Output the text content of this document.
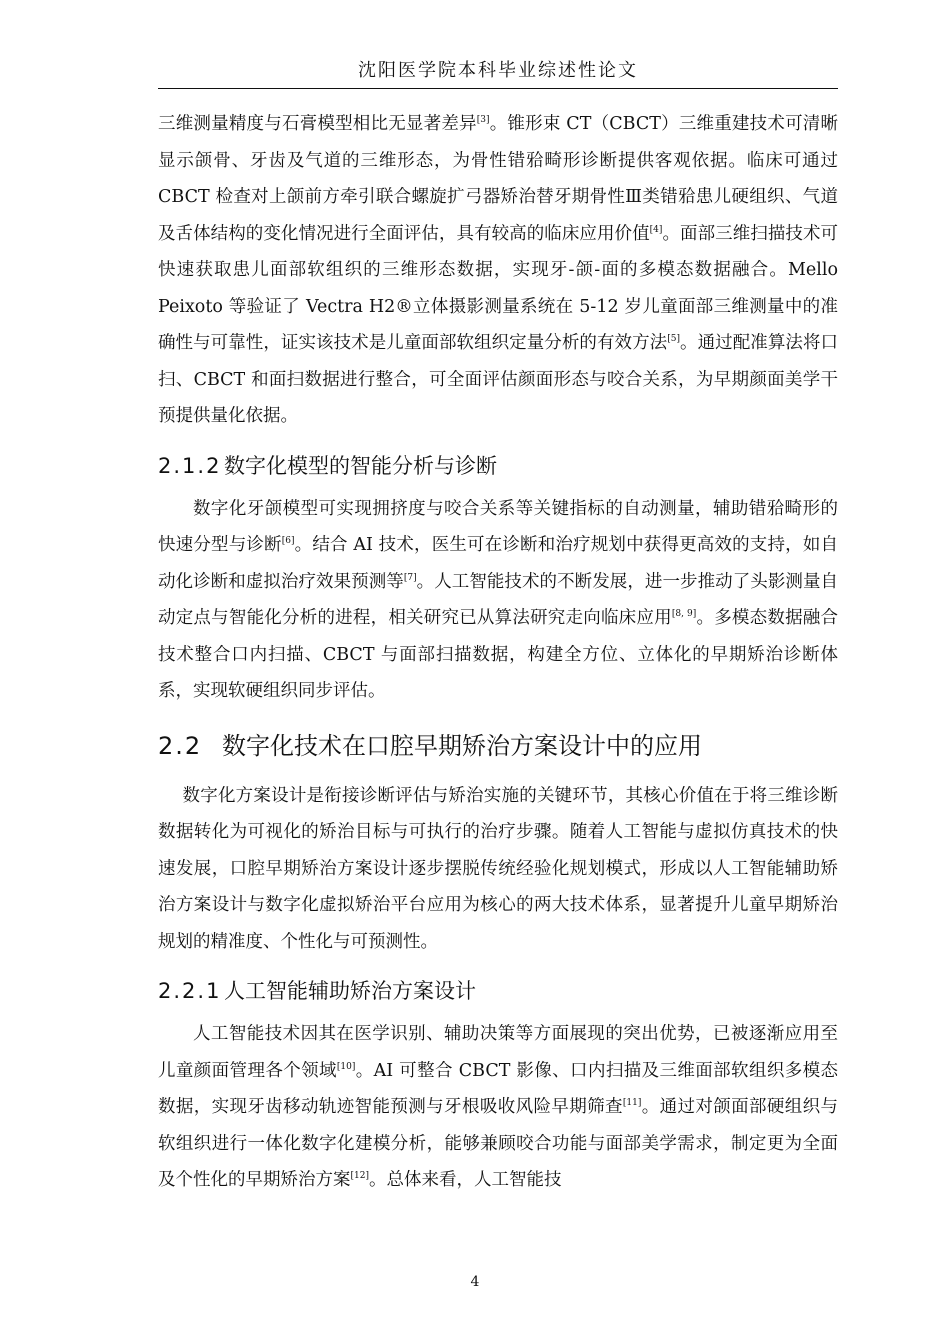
沈阳医学院本科毕业综述性论文

三维测量精度与石膏模型相比无显著差异[3]。锥形束 CT（CBCT）三维重建技术可清晰显示颌骨、牙齿及气道的三维形态，为骨性错𬌗畸形诊断提供客观依据。临床可通过 CBCT 检查对上颌前方牵引联合螺旋扩弓器矫治替牙期骨性Ⅲ类错𬌗患儿硬组织、气道及舌体结构的变化情况进行全面评估，具有较高的临床应用价值[4]。面部三维扫描技术可快速获取患儿面部软组织的三维形态数据，实现牙-颌-面的多模态数据融合。Mello Peixoto 等验证了 Vectra H2®立体摄影测量系统在 5-12 岁儿童面部三维测量中的准确性与可靠性，证实该技术是儿童面部软组织定量分析的有效方法[5]。通过配准算法将口扫、CBCT 和面扫数据进行整合，可全面评估颜面形态与咬合关系，为早期颜面美学干预提供量化依据。

2.1.2 数字化模型的智能分析与诊断

数字化牙颌模型可实现拥挤度与咬合关系等关键指标的自动测量，辅助错𬌗畸形的快速分型与诊断[6]。结合 AI 技术，医生可在诊断和治疗规划中获得更高效的支持，如自动化诊断和虚拟治疗效果预测等[7]。人工智能技术的不断发展，进一步推动了头影测量自动定点与智能化分析的进程，相关研究已从算法研究走向临床应用[8, 9]。多模态数据融合技术整合口内扫描、CBCT 与面部扫描数据，构建全方位、立体化的早期矫治诊断体系，实现软硬组织同步评估。

2.2 数字化技术在口腔早期矫治方案设计中的应用

数字化方案设计是衔接诊断评估与矫治实施的关键环节，其核心价值在于将三维诊断数据转化为可视化的矫治目标与可执行的治疗步骤。随着人工智能与虚拟仿真技术的快速发展，口腔早期矫治方案设计逐步摆脱传统经验化规划模式，形成以人工智能辅助矫治方案设计与数字化虚拟矫治平台应用为核心的两大技术体系，显著提升儿童早期矫治规划的精准度、个性化与可预测性。

2.2.1 人工智能辅助矫治方案设计

人工智能技术因其在医学识别、辅助决策等方面展现的突出优势，已被逐渐应用至儿童颜面管理各个领域[10]。AI 可整合 CBCT 影像、口内扫描及三维面部软组织多模态数据，实现牙齿移动轨迹智能预测与牙根吸收风险早期筛查[11]。通过对颌面部硬组织与软组织进行一体化数字化建模分析，能够兼顾咬合功能与面部美学需求，制定更为全面及个性化的早期矫治方案[12]。总体来看，人工智能技

4
